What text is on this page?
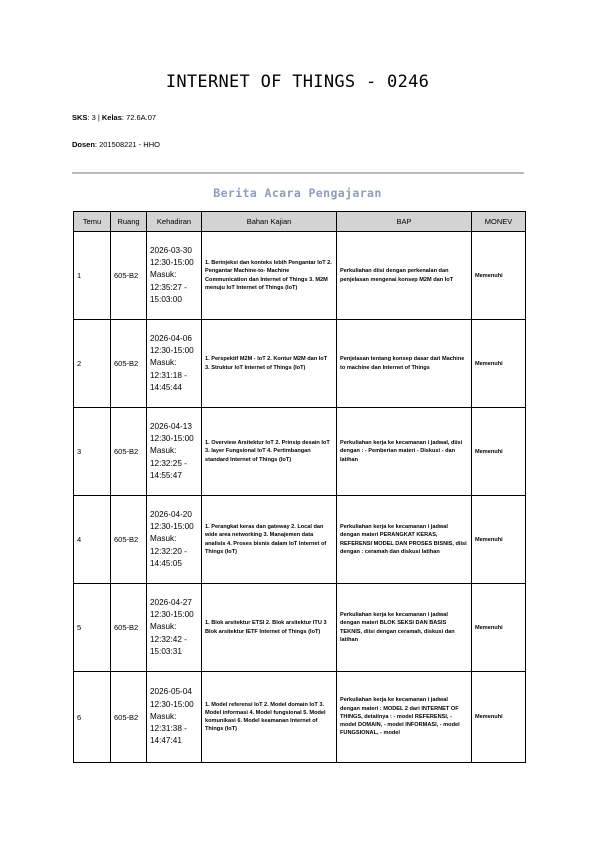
INTERNET OF THINGS - 0246
SKS: 3 | Kelas: 72.6A.07
Dosen: 201508221 - HHO
Berita Acara Pengajaran
Temu	Ruang	Kehadiran	Bahan Kajian	BAP	MONEV
1	605-B2	2026-03-30 12:30-15:00 Masuk: 12:35:27 - 15:03:00	1. Berinjeksi dan konteks lebih Pengantar IoT 2. Pengantar Machine-to- Machine Communication dan Internet of Things 3. M2M menuju IoT Internet of Things (IoT)	Perkuliahan diisi dengan perkenalan dan penjelasan mengenai konsep M2M dan IoT	Memenuhi
2	605-B2	2026-04-06 12:30-15:00 Masuk: 12:31:18 - 14:45:44	1. Perspektif M2M - IoT 2. Kontur M2M dan IoT 3. Struktur IoT Internet of Things (IoT)	Penjelasan tentang konsep dasar dari Machine to machine dan Internet of Things	Memenuhi
3	605-B2	2026-04-13 12:30-15:00 Masuk: 12:32:25 - 14:55:47	1. Overview Arsitektur IoT 2. Prinsip desain IoT 3. layer Fungsional IoT 4. Pertimbangan standard Internet of Things (IoT)	Perkuliahan kerja ke kecamanan i jadwal, diisi dengan : - Pemberian materi - Diskusi - dan latihan	Memenuhi
4	605-B2	2026-04-20 12:30-15:00 Masuk: 12:32:20 - 14:45:05	1. Perangkat keras dan gateway 2. Local dan wide area networking 3. Manajemen data analisis 4. Proses bisnis dalam IoT Internet of Things (IoT)	Perkuliahan kerja ke kecamanan i jadwal dengan materi PERANGKAT KERAS, REFERENSI MODEL DAN PROSES BISNIS, diisi dengan : ceramah dan diskusi latihan	Memenuhi
5	605-B2	2026-04-27 12:30-15:00 Masuk: 12:32:42 - 15:03:31	1. Blok arsitektur ETSI 2. Blok arsitektur ITU 3 Blok arsitektur IETF Internet of Things (IoT)	Perkuliahan kerja ke kecamanan i jadwal dengan materi BLOK SEKSI DAN BASIS TEKNIS, diisi dengan ceramah, diskusi dan latihan	Memenuhi
6	605-B2	2026-05-04 12:30-15:00 Masuk: 12:31:38 - 14:47:41	1. Model referensi IoT 2. Model domain IoT 3. Model informasi 4. Model fungsional 5. Model komunikasi 6. Model keamanan Internet of Things (IoT)	Perkuliahan kerja ke kecamanan i jadwal dengan materi : MODEL 2 dari INTERNET OF THINGS, detailnya : - model REFERENSI, - model DOMAIN, - model INFORMASI, - model FUNGSIONAL, - model	Memenuhi
